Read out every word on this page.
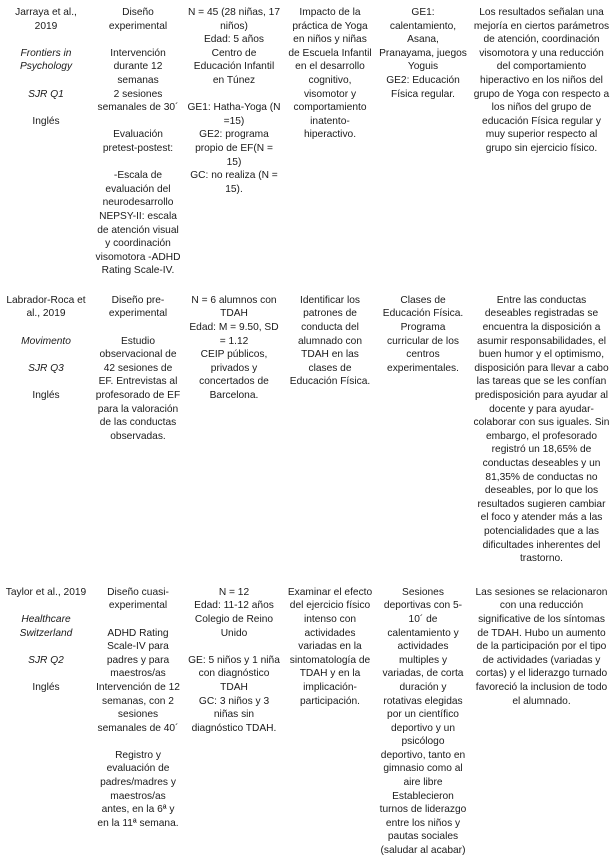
Jarraya et al., 2019

Frontiers in Psychology

SJR Q1

Inglés

Diseño experimental

Intervención durante 12 semanas
2 sesiones semanales de 30´

Evaluación pretest-postest:

-Escala de evaluación del neurodesarrollo NEPSY-II: escala de atención visual y coordinación visomotora -ADHD Rating Scale-IV.

N = 45 (28 niñas, 17 niños)
Edad: 5 años
Centro de Educación Infantil en Túnez

GE1: Hatha-Yoga (N =15)
GE2: programa propio de EF(N = 15)
GC: no realiza (N = 15).

Impacto de la práctica de Yoga en niños y niñas de Escuela Infantil en el desarrollo cognitivo, visomotor y comportamiento inatento-hiperactivo.

GE1: calentamiento, Asana, Pranayama, juegos Yoguis
GE2: Educación Física regular.

Los resultados señalan una mejoría en ciertos parámetros de atención, coordinación visomotora y una reducción del comportamiento hiperactivo en los niños del grupo de Yoga con respecto a los niños del grupo de educación Física regular y muy superior respecto al grupo sin ejercicio físico.

Labrador-Roca et al., 2019

Movimento

SJR Q3

Inglés

Diseño pre-experimental

Estudio observacional de 42 sesiones de EF. Entrevistas al profesorado de EF para la valoración de las conductas observadas.

N = 6 alumnos con TDAH
Edad: M = 9.50, SD = 1.12
CEIP públicos, privados y concertados de Barcelona.

Identificar los patrones de conducta del alumnado con TDAH en las clases de Educación Física.

Clases de Educación Física. Programa curricular de los centros experimentales.

Entre las conductas deseables registradas se encuentra la disposición a asumir responsabilidades, el buen humor y el optimismo, disposición para llevar a cabo las tareas que se les confían predisposición para ayudar al docente y para ayudar-colaborar con sus iguales. Sin embargo, el profesorado registró un 18,65% de conductas deseables y un 81,35% de conductas no deseables, por lo que los resultados sugieren cambiar el foco y atender más a las potencialidades que a las dificultades inherentes del trastorno.

Taylor et al., 2019

Healthcare Switzerland

SJR Q2

Inglés

Diseño cuasi-experimental

ADHD Rating Scale-IV para padres y para maestros/as Intervención de 12 semanas, con 2 sesiones semanales de 40´

Registro y evaluación de padres/madres y maestros/as antes, en la 6ª y en la 11ª semana.

N = 12
Edad: 11-12 años
Colegio de Reino Unido

GE: 5 niños y 1 niña con diagnóstico TDAH
GC: 3 niños y 3 niñas sin diagnóstico TDAH.

Examinar el efecto del ejercicio físico intenso con actividades variadas en la sintomatología de TDAH y en la implicación-participación.

Sesiones deportivas con 5-10´ de calentamiento y actividades multiples y variadas, de corta duración y rotativas elegidas por un científico deportivo y un psicólogo deportivo, tanto en gimnasio como al aire libre Establecieron turnos de liderazgo entre los niños y pautas sociales (saludar al acabar)

Las sesiones se relacionaron con una reducción significative de los síntomas de TDAH. Hubo un aumento de la participación por el tipo de actividades (variadas y cortas) y el liderazgo turnado favoreció la inclusion de todo el alumnado.
